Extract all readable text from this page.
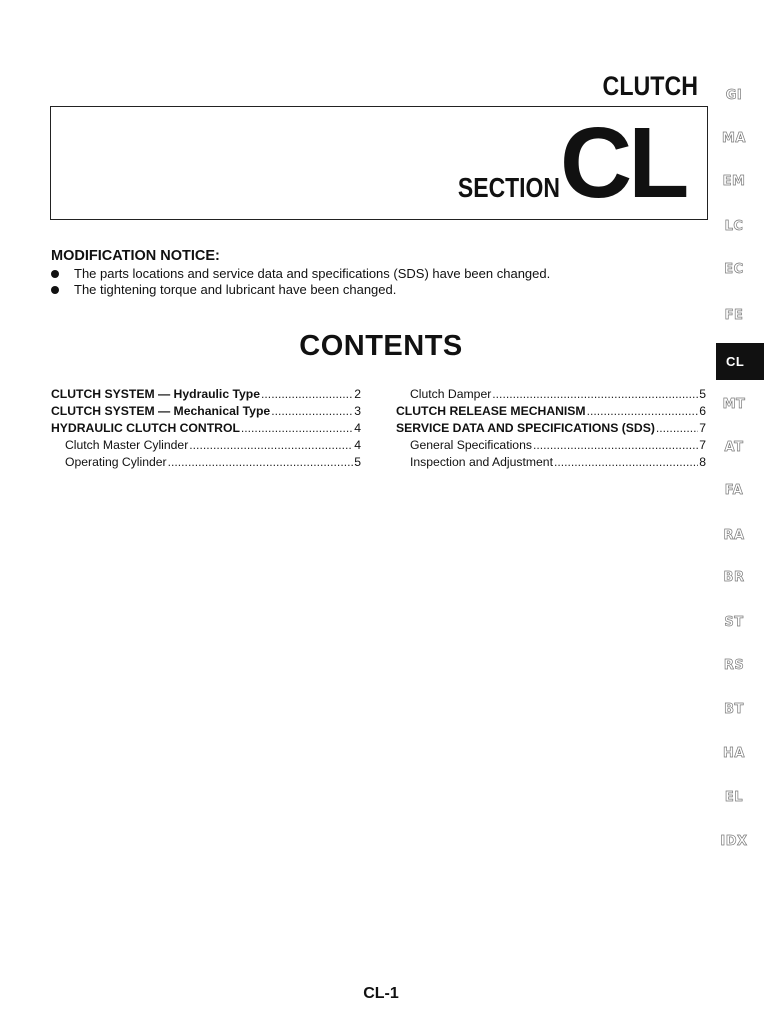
CLUTCH
SECTION CL
MODIFICATION NOTICE:
The parts locations and service data and specifications (SDS) have been changed.
The tightening torque and lubricant have been changed.
CONTENTS
CLUTCH SYSTEM — Hydraulic Type .....	2
CLUTCH SYSTEM — Mechanical Type .....	3
HYDRAULIC CLUTCH CONTROL .....	4
Clutch Master Cylinder .....	4
Operating Cylinder .....	5
Clutch Damper .....	5
CLUTCH RELEASE MECHANISM .....	6
SERVICE DATA AND SPECIFICATIONS (SDS) .....	7
General Specifications .....	7
Inspection and Adjustment .....	8
GI
MA
EM
LC
EC
FE
CL
MT
AT
FA
RA
BR
ST
RS
BT
HA
EL
IDX
CL-1
